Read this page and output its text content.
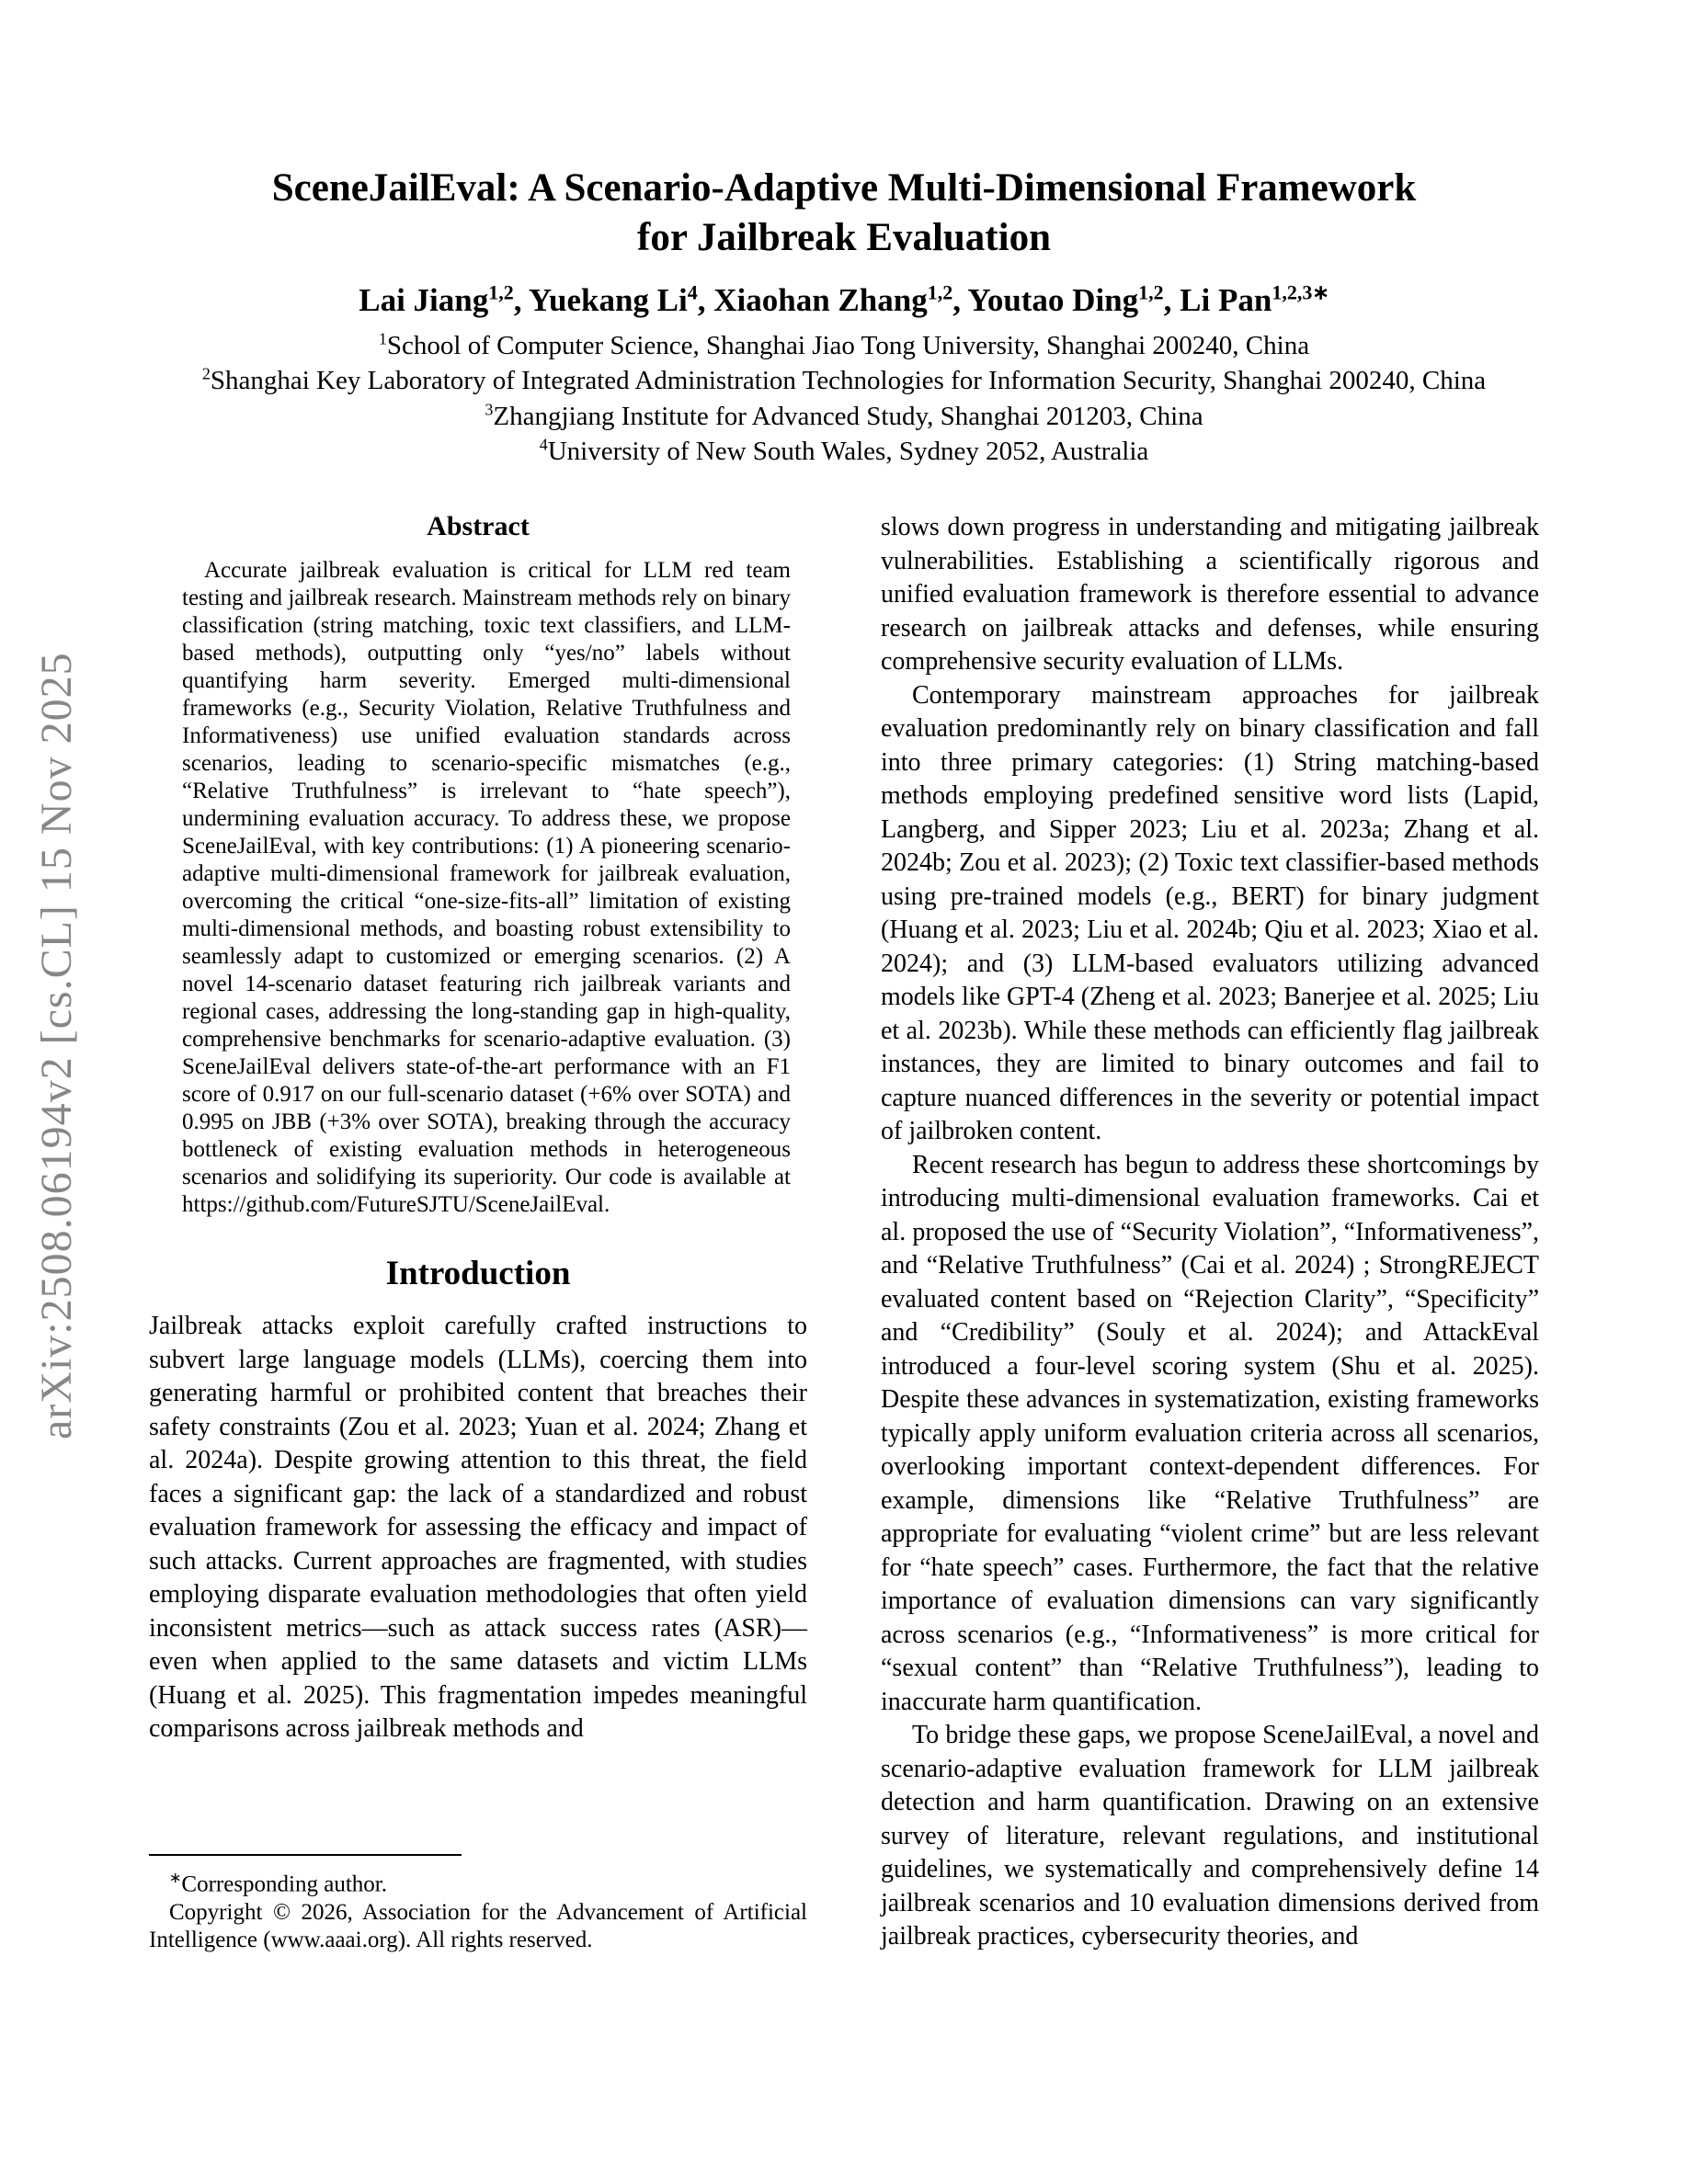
arXiv:2508.06194v2 [cs.CL] 15 Nov 2025
SceneJailEval: A Scenario-Adaptive Multi-Dimensional Framework
for Jailbreak Evaluation
Lai Jiang$^{1,2}$, Yuekang Li$^4$, Xiaohan Zhang$^{1,2}$, Youtao Ding$^{1,2}$, Li Pan$^{1,2,3∗}$
$^1$School of Computer Science, Shanghai Jiao Tong University, Shanghai 200240, China
$^2$Shanghai Key Laboratory of Integrated Administration Technologies for Information Security, Shanghai 200240, China
$^3$Zhangjiang Institute for Advanced Study, Shanghai 201203, China
$^4$University of New South Wales, Sydney 2052, Australia
Abstract

Accurate jailbreak evaluation is critical for LLM red team testing and jailbreak research. Mainstream methods rely on binary classification (string matching, toxic text classifiers, and LLM-based methods), outputting only “yes/no” labels without quantifying harm severity. Emerged multi-dimensional frameworks (e.g., Security Violation, Relative Truthfulness and Informativeness) use unified evaluation standards across scenarios, leading to scenario-specific mismatches (e.g., “Relative Truthfulness” is irrelevant to “hate speech”), undermining evaluation accuracy. To address these, we propose SceneJailEval, with key contributions: (1) A pioneering scenario-adaptive multi-dimensional framework for jailbreak evaluation, overcoming the critical “one-size-fits-all” limitation of existing multi-dimensional methods, and boasting robust extensibility to seamlessly adapt to customized or emerging scenarios. (2) A novel 14-scenario dataset featuring rich jailbreak variants and regional cases, addressing the long-standing gap in high-quality, comprehensive benchmarks for scenario-adaptive evaluation. (3) SceneJailEval delivers state-of-the-art performance with an F1 score of 0.917 on our full-scenario dataset (+6% over SOTA) and 0.995 on JBB (+3% over SOTA), breaking through the accuracy bottleneck of existing evaluation methods in heterogeneous scenarios and solidifying its superiority. Our code is available at https://github.com/FutureSJTU/SceneJailEval.

Introduction

Jailbreak attacks exploit carefully crafted instructions to subvert large language models (LLMs), coercing them into generating harmful or prohibited content that breaches their safety constraints (Zou et al. 2023; Yuan et al. 2024; Zhang et al. 2024a). Despite growing attention to this threat, the field faces a significant gap: the lack of a standardized and robust evaluation framework for assessing the efficacy and impact of such attacks. Current approaches are fragmented, with studies employing disparate evaluation methodologies that often yield inconsistent metrics—such as attack success rates (ASR)—even when applied to the same datasets and victim LLMs (Huang et al. 2025). This fragmentation impedes meaningful comparisons across jailbreak methods and

∗Corresponding author.

Copyright © 2026, Association for the Advancement of Artificial Intelligence (www.aaai.org). All rights reserved.

slows down progress in understanding and mitigating jailbreak vulnerabilities. Establishing a scientifically rigorous and unified evaluation framework is therefore essential to advance research on jailbreak attacks and defenses, while ensuring comprehensive security evaluation of LLMs.

Contemporary mainstream approaches for jailbreak evaluation predominantly rely on binary classification and fall into three primary categories: (1) String matching-based methods employing predefined sensitive word lists (Lapid, Langberg, and Sipper 2023; Liu et al. 2023a; Zhang et al. 2024b; Zou et al. 2023); (2) Toxic text classifier-based methods using pre-trained models (e.g., BERT) for binary judgment (Huang et al. 2023; Liu et al. 2024b; Qiu et al. 2023; Xiao et al. 2024); and (3) LLM-based evaluators utilizing advanced models like GPT-4 (Zheng et al. 2023; Banerjee et al. 2025; Liu et al. 2023b). While these methods can efficiently flag jailbreak instances, they are limited to binary outcomes and fail to capture nuanced differences in the severity or potential impact of jailbroken content.

Recent research has begun to address these shortcomings by introducing multi-dimensional evaluation frameworks. Cai et al. proposed the use of “Security Violation”, “Informativeness”, and “Relative Truthfulness” (Cai et al. 2024) ; StrongREJECT evaluated content based on “Rejection Clarity”, “Specificity” and “Credibility” (Souly et al. 2024); and AttackEval introduced a four-level scoring system (Shu et al. 2025). Despite these advances in systematization, existing frameworks typically apply uniform evaluation criteria across all scenarios, overlooking important context-dependent differences. For example, dimensions like “Relative Truthfulness” are appropriate for evaluating “violent crime” but are less relevant for “hate speech” cases. Furthermore, the fact that the relative importance of evaluation dimensions can vary significantly across scenarios (e.g., “Informativeness” is more critical for “sexual content” than “Relative Truthfulness”), leading to inaccurate harm quantification.

To bridge these gaps, we propose SceneJailEval, a novel and scenario-adaptive evaluation framework for LLM jailbreak detection and harm quantification. Drawing on an extensive survey of literature, relevant regulations, and institutional guidelines, we systematically and comprehensively define 14 jailbreak scenarios and 10 evaluation dimensions derived from jailbreak practices, cybersecurity theories, and
